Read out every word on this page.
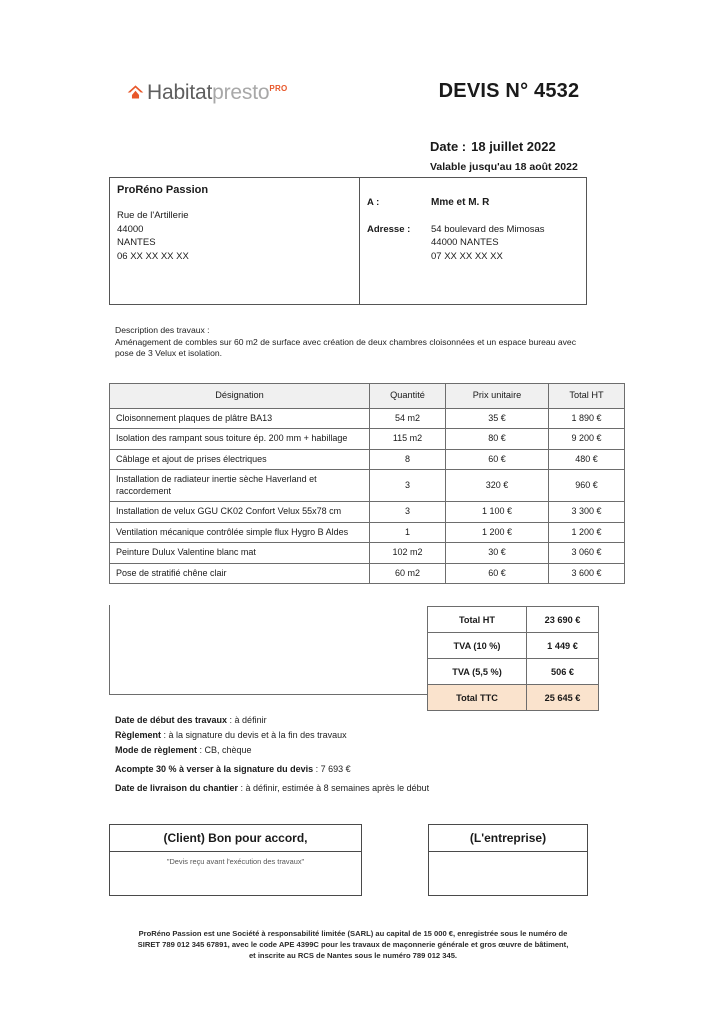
Habitatpresto$^{PRO}$	DEVIS N° 4532
Date : 18 juillet 2022
Valable jusqu'au 18 août 2022
ProRéno Passion
Rue de l'Artillerie
44000
NANTES
06 XX XX XX XX
A :	Mme et M. R
Adresse :	54 boulevard des Mimosas
44000 NANTES
07 XX XX XX XX
Description des travaux :
Aménagement de combles sur 60 m2 de surface avec création de deux chambres cloisonnées et un espace bureau avec pose de 3 Velux et isolation.
Désignation	Quantité	Prix unitaire	Total HT
Cloisonnement plaques de plâtre BA13	54 m2	35 €	1 890 €
Isolation des rampant sous toiture ép. 200 mm + habillage	115 m2	80 €	9 200 €
Câblage et ajout de prises électriques	8	60 €	480 €
Installation de radiateur inertie sèche Haverland et raccordement	3	320 €	960 €
Installation de velux GGU CK02 Confort Velux 55x78 cm	3	1 100 €	3 300 €
Ventilation mécanique contrôlée simple flux Hygro B Aldes	1	1 200 €	1 200 €
Peinture Dulux Valentine blanc mat	102 m2	30 €	3 060 €
Pose de stratifié chêne clair	60 m2	60 €	3 600 €
Total HT	23 690 €
TVA (10 %)	1 449 €
TVA (5,5 %)	506 €
Total TTC	25 645 €
Date de début des travaux : à définir
Règlement : à la signature du devis et à la fin des travaux
Mode de règlement : CB, chèque
Acompte 30 % à verser à la signature du devis : 7 693 €
Date de livraison du chantier : à définir, estimée à 8 semaines après le début
(Client) Bon pour accord,
"Devis reçu avant l'exécution des travaux"
(L'entreprise)
ProRéno Passion est une Société à responsabilité limitée (SARL) au capital de 15 000 €, enregistrée sous le numéro de
SIRET 789 012 345 67891, avec le code APE 4399C pour les travaux de maçonnerie générale et gros œuvre de bâtiment,
et inscrite au RCS de Nantes sous le numéro 789 012 345.
